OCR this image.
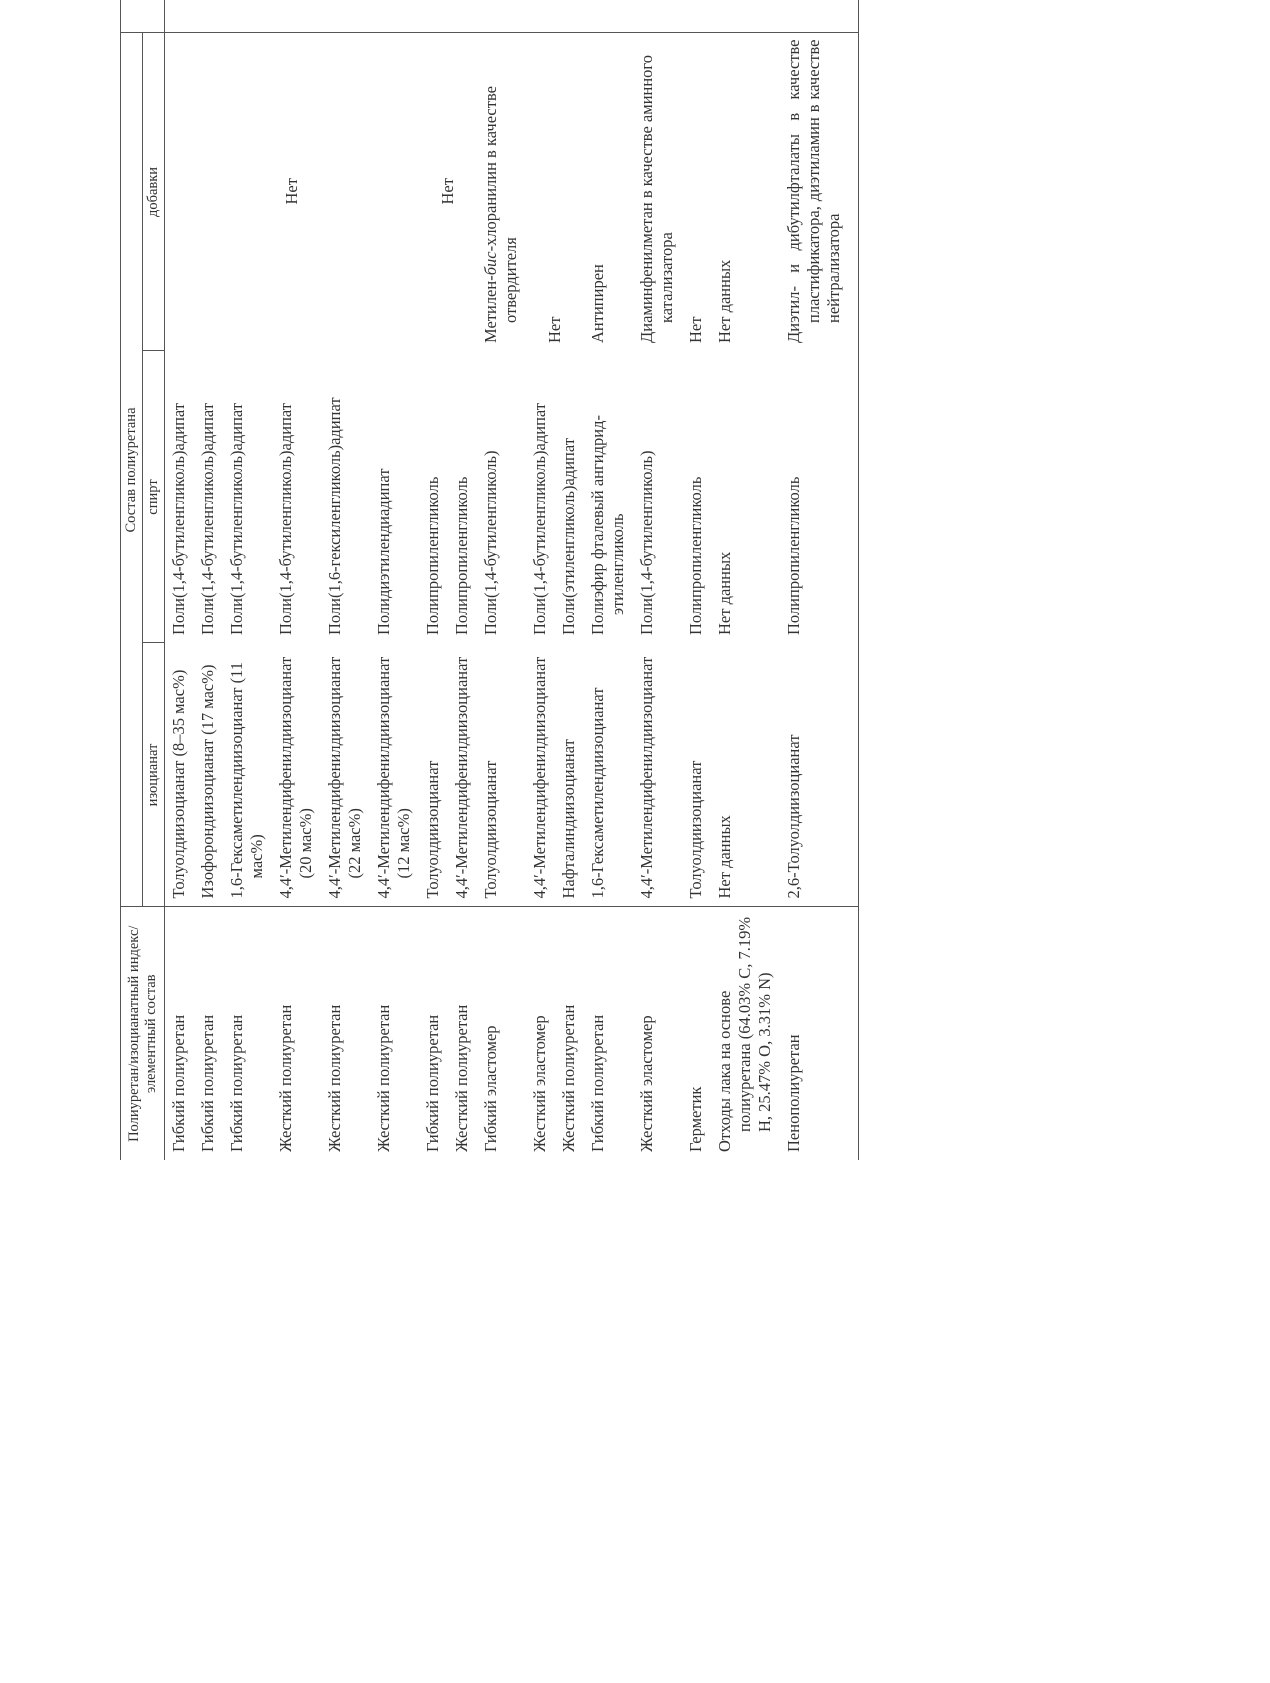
Полиуретан/изоцианатный индекс/ элементный состав	Состав полиуретана	
	изоцианат	спирт	добавки	
Гибкий полиуретан	Толуолдиизоцианат (8–35 мас%)	Поли(1,4-бутиленгликоль)адипат	Нет	
Гибкий полиуретан	Изофорондиизоцианат (17 мас%)	Поли(1,4-бутиленгликоль)адипат		
Гибкий полиуретан	1,6-Гексаметилендиизоцианат (11 мас%)	Поли(1,4-бутиленгликоль)адипат		
Жесткий полиуретан	4,4′-Метилендифенилдиизоцианат (20 мас%)	Поли(1,4-бутиленгликоль)адипат		
Жесткий полиуретан	4,4′-Метилендифенилдиизоцианат (22 мас%)	Поли(1,6-гексиленгликоль)адипат		
Жесткий полиуретан	4,4′-Метилендифенилдиизоцианат (12 мас%)	Полидиэтилендиадипат		
Гибкий полиуретан	Толуолдиизоцианат	Полипропиленгликоль	Нет	
Жесткий полиуретан	4,4′-Метилендифенилдиизоцианат	Полипропиленгликоль		
Гибкий эластомер	Толуолдиизоцианат	Поли(1,4-бутиленгликоль)	Метилен-бис-хлоранилин в качестве отвердителя	
Жесткий эластомер	4,4′-Метилендифенилдиизоцианат	Поли(1,4-бутиленгликоль)адипат	Нет	
Жесткий полиуретан	Нафталиндиизоцианат	Поли(этиленгликоль)адипат		
Гибкий полиуретан	1,6-Гексаметилендиизоцианат	Полиэфир фталевый ангидрид-этиленгликоль	Антипирен	
Жесткий эластомер	4,4′-Метилендифенилдиизоцианат	Поли(1,4-бутиленгликоль)	Диаминфенилметан в качестве аминного катализатора	
Герметик	Толуолдиизоцианат	Полипропиленгликоль	Нет	
Отходы лака на основе полиуретана (64.03% C, 7.19% H, 25.47% O, 3.31% N)	Нет данных	Нет данных	Нет данных	
Пенополиуретан	2,6-Толуолдиизоцианат	Полипропиленгликоль	Диэтил- и дибутилфталаты в качестве пластификатора, диэтиламин в качестве нейтрализатора	
